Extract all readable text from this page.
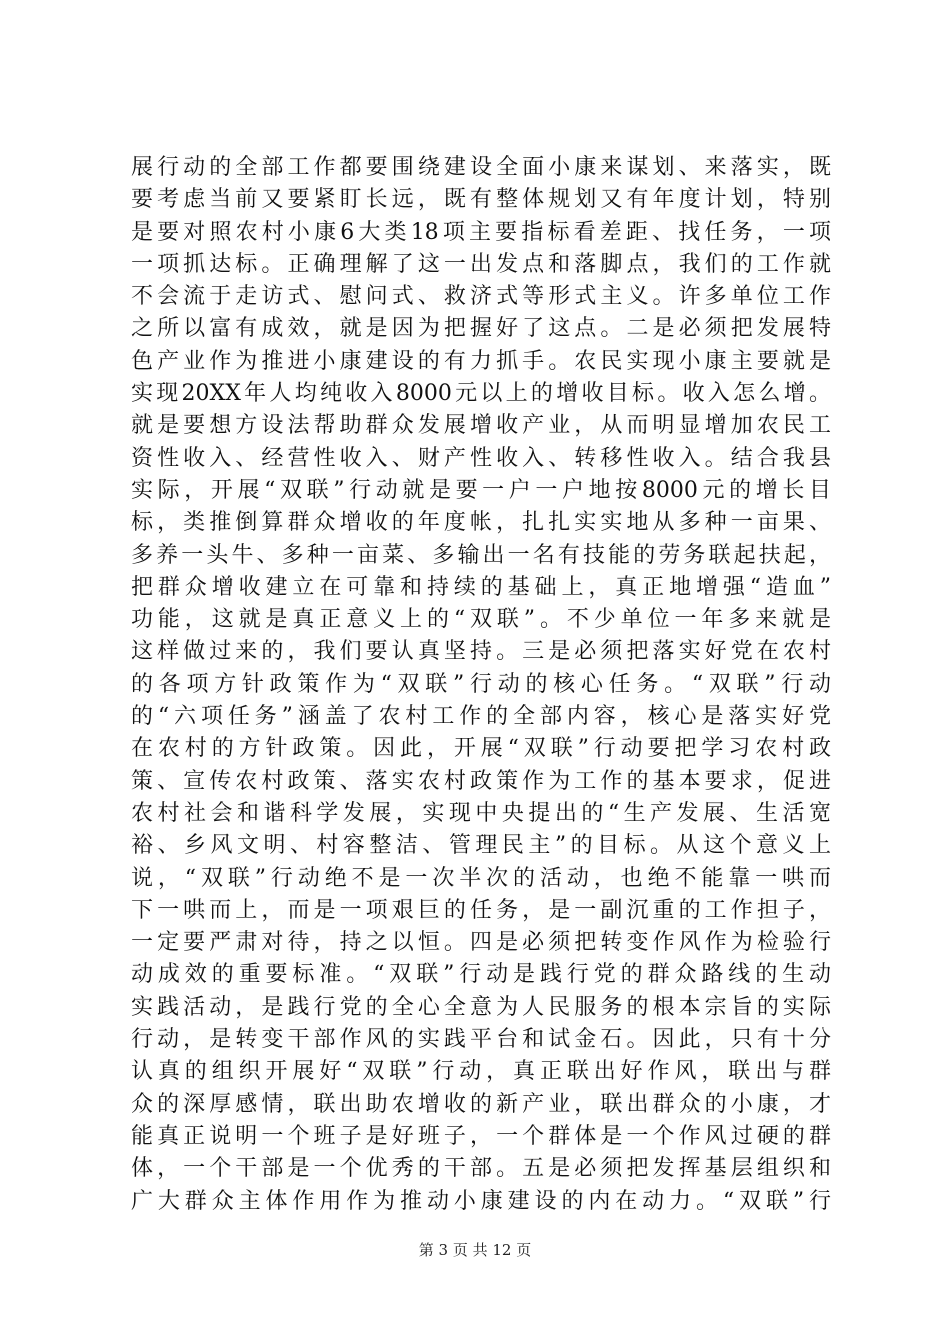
展行动的全部工作都要围绕建设全面小康来谋划、来落实，既
要考虑当前又要紧盯长远，既有整体规划又有年度计划，特别
是要对照农村小康6大类18项主要指标看差距、找任务，一项
一项抓达标。正确理解了这一出发点和落脚点，我们的工作就
不会流于走访式、慰问式、救济式等形式主义。许多单位工作
之所以富有成效，就是因为把握好了这点。二是必须把发展特
色产业作为推进小康建设的有力抓手。农民实现小康主要就是
实现20XX年人均纯收入8000元以上的增收目标。收入怎么增。
就是要想方设法帮助群众发展增收产业，从而明显增加农民工
资性收入、经营性收入、财产性收入、转移性收入。结合我县
实际，开展“双联”行动就是要一户一户地按8000元的增长目
标，类推倒算群众增收的年度帐，扎扎实实地从多种一亩果、
多养一头牛、多种一亩菜、多输出一名有技能的劳务联起扶起，
把群众增收建立在可靠和持续的基础上，真正地增强“造血”
功能，这就是真正意义上的“双联”。不少单位一年多来就是
这样做过来的，我们要认真坚持。三是必须把落实好党在农村
的各项方针政策作为“双联”行动的核心任务。“双联”行动
的“六项任务”涵盖了农村工作的全部内容，核心是落实好党
在农村的方针政策。因此，开展“双联”行动要把学习农村政
策、宣传农村政策、落实农村政策作为工作的基本要求，促进
农村社会和谐科学发展，实现中央提出的“生产发展、生活宽
裕、乡风文明、村容整洁、管理民主”的目标。从这个意义上
说，“双联”行动绝不是一次半次的活动，也绝不能靠一哄而
下一哄而上，而是一项艰巨的任务，是一副沉重的工作担子，
一定要严肃对待，持之以恒。四是必须把转变作风作为检验行
动成效的重要标准。“双联”行动是践行党的群众路线的生动
实践活动，是践行党的全心全意为人民服务的根本宗旨的实际
行动，是转变干部作风的实践平台和试金石。因此，只有十分
认真的组织开展好“双联”行动，真正联出好作风，联出与群
众的深厚感情，联出助农增收的新产业，联出群众的小康，才
能真正说明一个班子是好班子，一个群体是一个作风过硬的群
体，一个干部是一个优秀的干部。五是必须把发挥基层组织和
广大群众主体作用作为推动小康建设的内在动力。“双联”行
第 3 页 共 12 页
